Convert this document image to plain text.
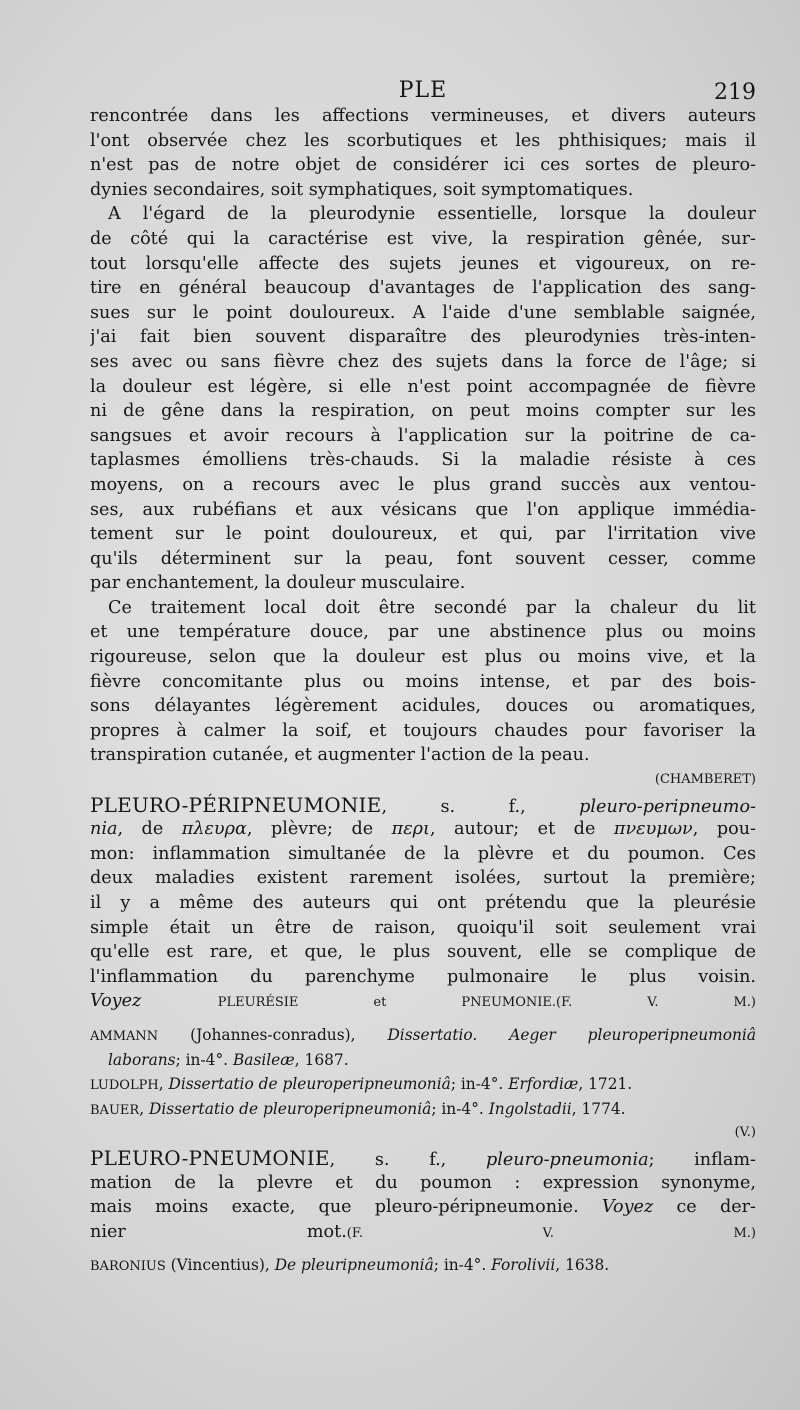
PLE	219
rencontrée dans les affections vermineuses, et divers auteurs
l'ont observée chez les scorbutiques et les phthisiques; mais il
n'est pas de notre objet de considérer ici ces sortes de pleuro-
dynies secondaires, soit symphatiques, soit symptomatiques.
A l'égard de la pleurodynie essentielle, lorsque la douleur
de côté qui la caractérise est vive, la respiration gênée, sur-
tout lorsqu'elle affecte des sujets jeunes et vigoureux, on re-
tire en général beaucoup d'avantages de l'application des sang-
sues sur le point douloureux. A l'aide d'une semblable saignée,
j'ai fait bien souvent disparaître des pleurodynies très-inten-
ses avec ou sans fièvre chez des sujets dans la force de l'âge; si
la douleur est légère, si elle n'est point accompagnée de fièvre
ni de gêne dans la respiration, on peut moins compter sur les
sangsues et avoir recours à l'application sur la poitrine de ca-
taplasmes émolliens très-chauds. Si la maladie résiste à ces
moyens, on a recours avec le plus grand succès aux ventou-
ses, aux rubéfians et aux vésicans que l'on applique immédia-
tement sur le point douloureux, et qui, par l'irritation vive
qu'ils déterminent sur la peau, font souvent cesser, comme
par enchantement, la douleur musculaire.
Ce traitement local doit être secondé par la chaleur du lit
et une température douce, par une abstinence plus ou moins
rigoureuse, selon que la douleur est plus ou moins vive, et la
fièvre concomitante plus ou moins intense, et par des bois-
sons délayantes légèrement acidules, douces ou aromatiques,
propres à calmer la soif, et toujours chaudes pour favoriser la
transpiration cutanée, et augmenter l'action de la peau.
(CHAMBERET)
PLEURO-PÉRIPNEUMONIE, s. f., pleuro-peripneumo-
nia, de πλευρα, plèvre; de περι, autour; et de πνευμων, pou-
mon: inflammation simultanée de la plèvre et du poumon. Ces
deux maladies existent rarement isolées, surtout la première;
il y a même des auteurs qui ont prétendu que la pleurésie
simple était un être de raison, quoiqu'il soit seulement vrai
qu'elle est rare, et que, le plus souvent, elle se complique de
l'inflammation du parenchyme pulmonaire le plus voisin.
Voyez	PLEURÉSIE et PNEUMONIE.(F. V. M.)
AMMANN (Johannes-conradus), Dissertatio. Aeger pleuroperipneumoniâ
laborans; in-4°. Basileæ, 1687.
LUDOLPH, Dissertatio de pleuroperipneumoniâ; in-4°. Erfordiæ, 1721.
BAUER, Dissertatio de pleuroperipneumoniâ; in-4°. Ingolstadii, 1774.
(V.)
PLEURO-PNEUMONIE, s. f., pleuro-pneumonia; inflam-
mation de la plevre et du poumon : expression synonyme,
mais moins exacte, que pleuro-péripneumonie. Voyez ce der-
nier mot.(F. V. M.)
BARONIUS (Vincentius), De pleuripneumoniâ; in-4°. Forolivii, 1638.
